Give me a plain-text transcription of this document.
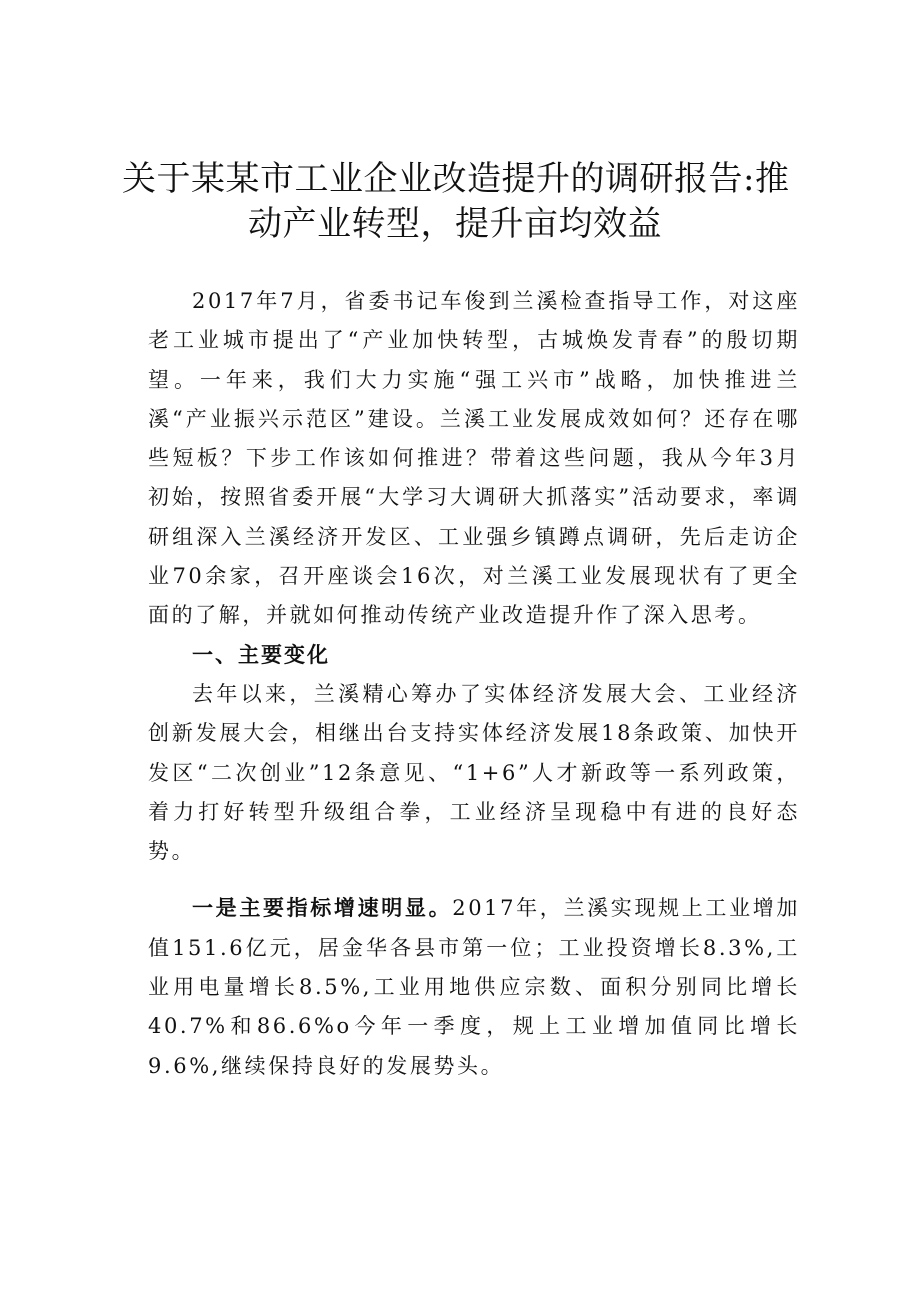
关于某某市工业企业改造提升的调研报告:推
动产业转型，提升亩均效益

2017年7月，省委书记车俊到兰溪检查指导工作，对这座老工业城市提出了“产业加快转型，古城焕发青春”的殷切期望。一年来，我们大力实施“强工兴市”战略，加快推进兰溪“产业振兴示范区”建设。兰溪工业发展成效如何？还存在哪些短板？下步工作该如何推进？带着这些问题，我从今年3月初始，按照省委开展“大学习大调研大抓落实”活动要求，率调研组深入兰溪经济开发区、工业强乡镇蹲点调研，先后走访企业70余家，召开座谈会16次，对兰溪工业发展现状有了更全面的了解，并就如何推动传统产业改造提升作了深入思考。

一、主要变化

去年以来，兰溪精心筹办了实体经济发展大会、工业经济创新发展大会，相继出台支持实体经济发展18条政策、加快开发区“二次创业”12条意见、“1+6”人才新政等一系列政策，着力打好转型升级组合拳，工业经济呈现稳中有进的良好态势。

一是主要指标增速明显。2017年，兰溪实现规上工业增加值151.6亿元，居金华各县市第一位；工业投资增长8.3%,工业用电量增长8.5%,工业用地供应宗数、面积分别同比增长40.7%和86.6%o今年一季度，规上工业增加值同比增长9.6%,继续保持良好的发展势头。
